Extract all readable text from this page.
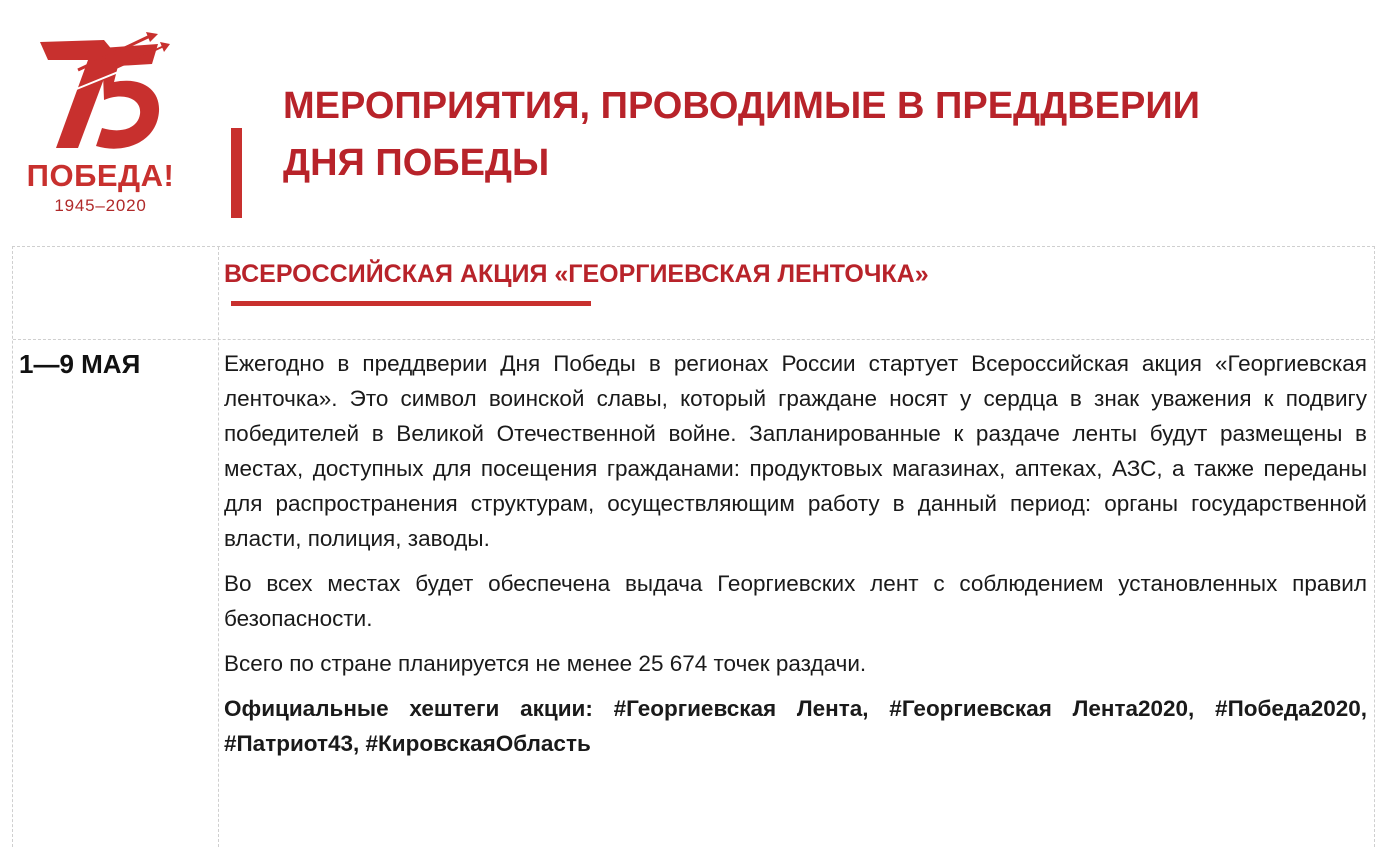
ПОБЕДА!
1945–2020
МЕРОПРИЯТИЯ, ПРОВОДИМЫЕ В ПРЕДДВЕРИИ
ДНЯ ПОБЕДЫ
ВСЕРОССИЙСКАЯ АКЦИЯ «ГЕОРГИЕВСКАЯ ЛЕНТОЧКА»
1—9 МАЯ	Ежегодно в преддверии Дня Победы в регионах России стартует Всероссийская акция «Георгиевская ленточка». Это символ воинской славы, который граждане носят у сердца в знак уважения к подвигу победителей в Великой Отечественной войне. Запланированные к раздаче ленты будут размещены в местах, доступных для посещения гражданами: продуктовых магазинах, аптеках, АЗС, а также переданы для распространения структурам, осуществляющим работу в данный период: органы государственной власти, полиция, заводы.

Во всех местах будет обеспечена выдача Георгиевских лент с соблюдением установленных правил безопасности.

Всего по стране планируется не менее 25 674 точек раздачи.

Официальные хештеги акции: #Георгиевская Лента, #Георгиевская Лента2020, #Победа2020, #Патриот43, #КировскаяОбласть
